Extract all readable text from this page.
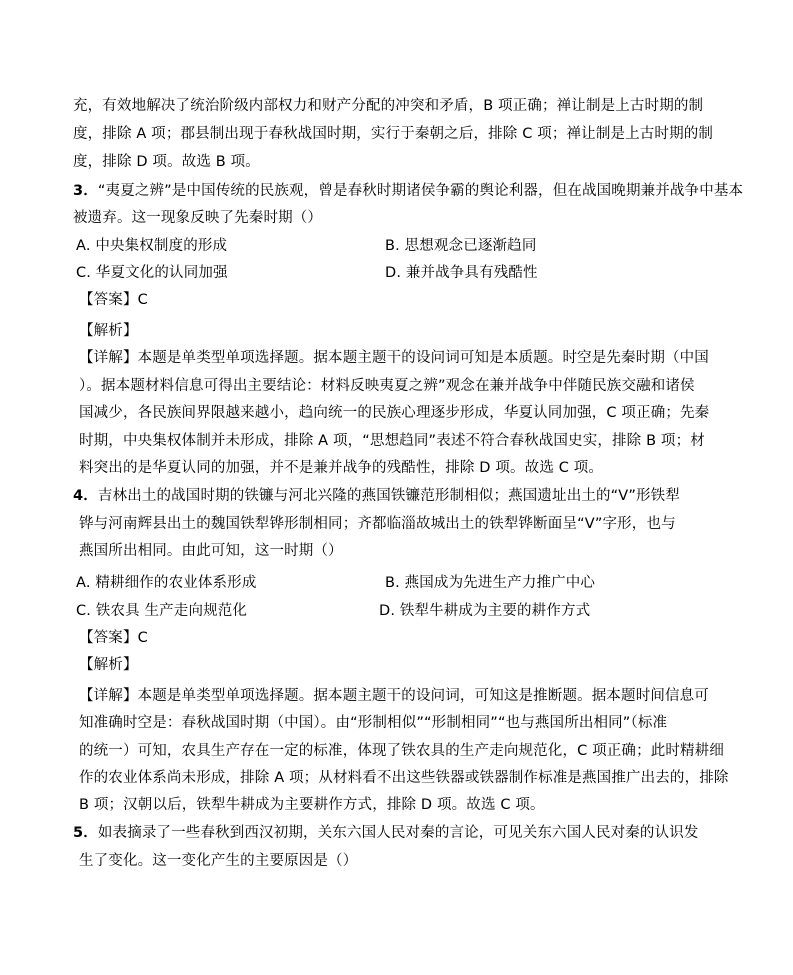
充，有效地解决了统治阶级内部权力和财产分配的冲突和矛盾，B 项正确；禅让制是上古时期的制
度，排除 A 项；郡县制出现于春秋战国时期，实行于秦朝之后，排除 C 项；禅让制是上古时期的制
度，排除 D 项。故选 B 项。
3．“夷夏之辨”是中国传统的民族观，曾是春秋时期诸侯争霸的舆论利器，但在战国晚期兼并战争中基本
被遗弃。这一现象反映了先秦时期（）
A. 中央集权制度的形成	B. 思想观念已逐渐趋同
C. 华夏文化的认同加强	D. 兼并战争具有残酷性
【答案】C
【解析】
【详解】本题是单类型单项选择题。据本题主题干的设问词可知是本质题。时空是先秦时期（中国
）。据本题材料信息可得出主要结论：材料反映夷夏之辨”观念在兼并战争中伴随民族交融和诸侯
国减少，各民族间界限越来越小，趋向统一的民族心理逐步形成，华夏认同加强，C 项正确；先秦
时期，中央集权体制并未形成，排除 A 项，“思想趋同”表述不符合春秋战国史实，排除 B 项；材
料突出的是华夏认同的加强，并不是兼并战争的残酷性，排除 D 项。故选 C 项。
4．吉林出土的战国时期的铁镰与河北兴隆的燕国铁镰范形制相似；燕国遗址出土的“V”形铁犁
铧与河南辉县出土的魏国铁犁铧形制相同；齐都临淄故城出土的铁犁铧断面呈“V”字形，也与
燕国所出相同。由此可知，这一时期（）
A. 精耕细作的农业体系形成	B. 燕国成为先进生产力推广中心
C. 铁农具 生产走向规范化	D. 铁犁牛耕成为主要的耕作方式
【答案】C
【解析】
【详解】本题是单类型单项选择题。据本题主题干的设问词，可知这是推断题。据本题时间信息可
知准确时空是：春秋战国时期（中国）。由“形制相似”“形制相同”“也与燕国所出相同”（标准
的统一）可知，农具生产存在一定的标准，体现了铁农具的生产走向规范化，C 项正确；此时精耕细
作的农业体系尚未形成，排除 A 项；从材料看不出这些铁器或铁器制作标准是燕国推广出去的，排除
B 项；汉朝以后，铁犁牛耕成为主要耕作方式，排除 D 项。故选 C 项。
5．如表摘录了一些春秋到西汉初期，关东六国人民对秦的言论，可见关东六国人民对秦的认识发
生了变化。这一变化产生的主要原因是（）
